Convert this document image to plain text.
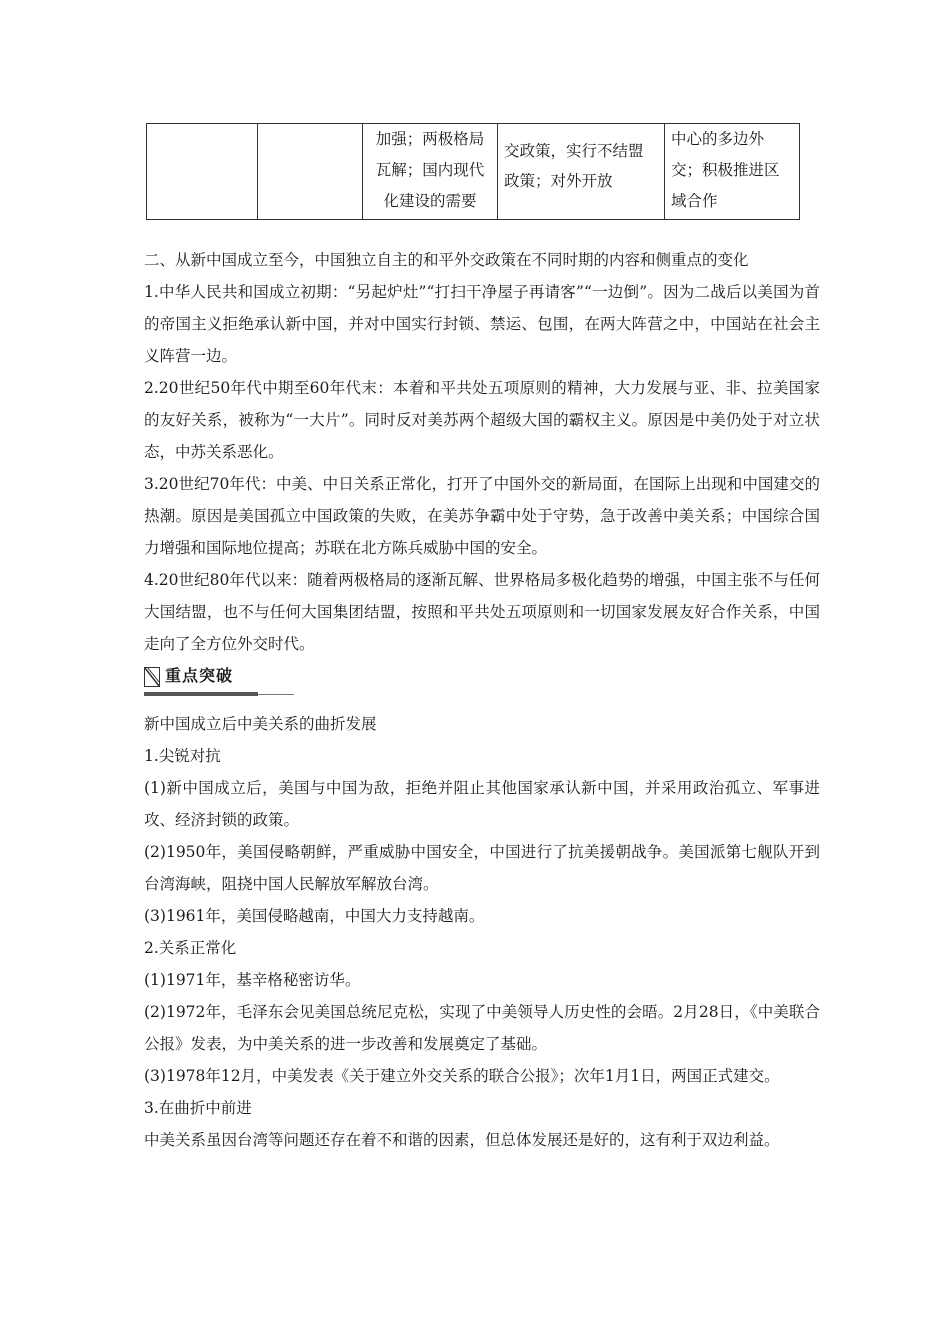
		加强；两极格局瓦解；国内现代化建设的需要	交政策，实行不结盟政策；对外开放	中心的多边外交；积极推进区域合作

二、从新中国成立至今，中国独立自主的和平外交政策在不同时期的内容和侧重点的变化

1.中华人民共和国成立初期：“另起炉灶”“打扫干净屋子再请客”“一边倒”。因为二战后以美国为首的帝国主义拒绝承认新中国，并对中国实行封锁、禁运、包围，在两大阵营之中，中国站在社会主义阵营一边。

2.20世纪50年代中期至60年代末：本着和平共处五项原则的精神，大力发展与亚、非、拉美国家的友好关系，被称为“一大片”。同时反对美苏两个超级大国的霸权主义。原因是中美仍处于对立状态，中苏关系恶化。

3.20世纪70年代：中美、中日关系正常化，打开了中国外交的新局面，在国际上出现和中国建交的热潮。原因是美国孤立中国政策的失败，在美苏争霸中处于守势，急于改善中美关系；中国综合国力增强和国际地位提高；苏联在北方陈兵威胁中国的安全。

4.20世纪80年代以来：随着两极格局的逐渐瓦解、世界格局多极化趋势的增强，中国主张不与任何大国结盟，也不与任何大国集团结盟，按照和平共处五项原则和一切国家发展友好合作关系，中国走向了全方位外交时代。

重点突破

新中国成立后中美关系的曲折发展

1.尖锐对抗

(1)新中国成立后，美国与中国为敌，拒绝并阻止其他国家承认新中国，并采用政治孤立、军事进攻、经济封锁的政策。

(2)1950年，美国侵略朝鲜，严重威胁中国安全，中国进行了抗美援朝战争。美国派第七舰队开到台湾海峡，阻挠中国人民解放军解放台湾。

(3)1961年，美国侵略越南，中国大力支持越南。

2.关系正常化

(1)1971年，基辛格秘密访华。

(2)1972年，毛泽东会见美国总统尼克松，实现了中美领导人历史性的会晤。2月28日，《中美联合公报》发表，为中美关系的进一步改善和发展奠定了基础。

(3)1978年12月，中美发表《关于建立外交关系的联合公报》；次年1月1日，两国正式建交。

3.在曲折中前进

中美关系虽因台湾等问题还存在着不和谐的因素，但总体发展还是好的，这有利于双边利益。
